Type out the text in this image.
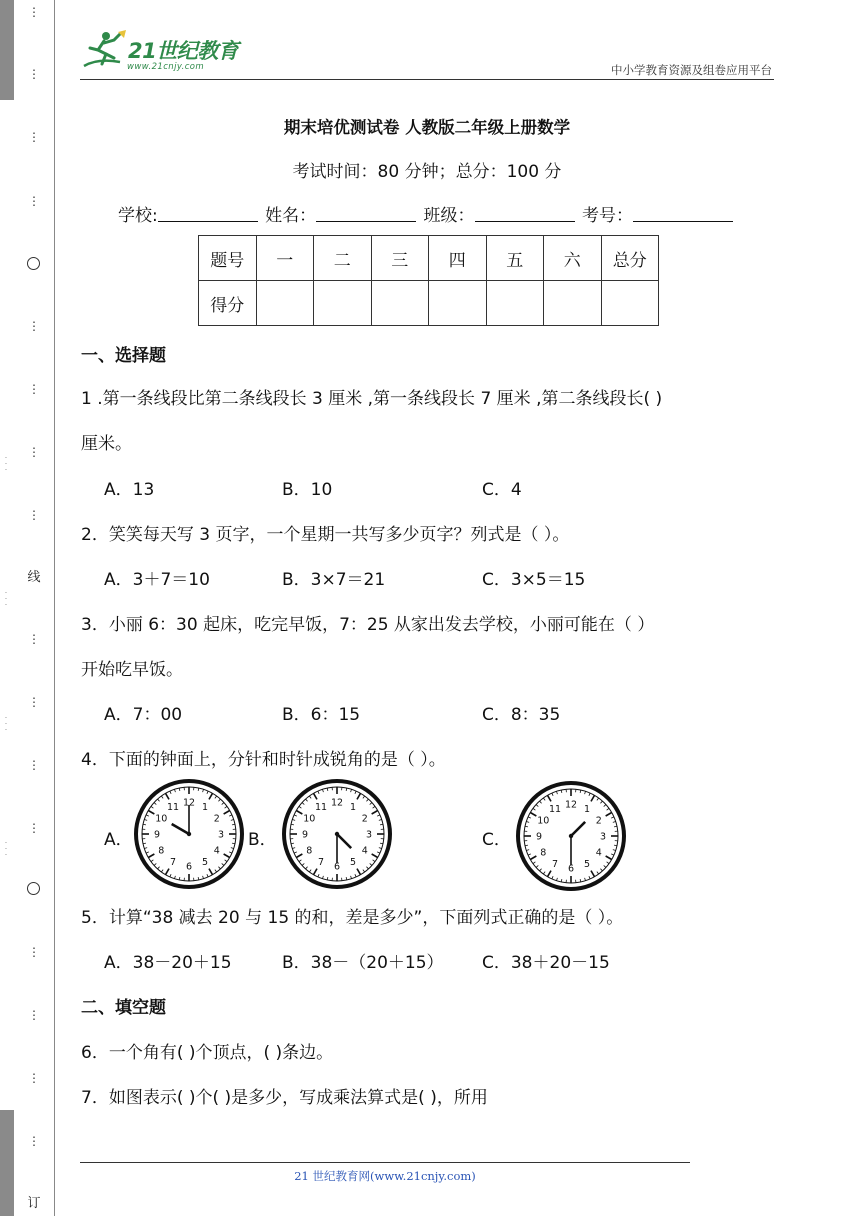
⋮
⋮
⋮
⋮
⋮
⋮
⋮
⋮
线
⋮
⋮
⋮
⋮
⋮
⋮
⋮
⋮
订
·
·
·
·
·
·
·
·
·
·
·
·
21世纪教育
www.21cnjy.com	中小学教育资源及组卷应用平台
期末培优测试卷 人教版二年级上册数学
考试时间：80 分钟；总分：100 分
学校:	姓名：	班级：	考号：
题号	一	二	三	四	五	六	总分
得分							
一、选择题
1 .第一条线段比第二条线段长 3 厘米 ,第一条线段长 7 厘米 ,第二条线段长( )
厘米。
A．13	B．10	C．4
2．笑笑每天写 3 页字，一个星期一共写多少页字？列式是（ ）。
A．3＋7＝10	B．3×7＝21	C．3×5＝15
3．小丽 6：30 起床，吃完早饭，7：25 从家出发去学校，小丽可能在（ ）
开始吃早饭。
A．7：00	B．6：15	C．8：35
4．下面的钟面上，分针和时针成锐角的是（ ）。
A．	B．	C．
1
2
3
4
5
6
7
8
9
10
11 12	1
2
3
4
5
6
7
8
9
10
11 12
1
2
3
4
5
6
7
8
9
10
11 12
5．计算“38 减去 20 与 15 的和，差是多少”，下面列式正确的是（ ）。
A．38－20＋15	B．38－（20＋15） C．38＋20－15
二、填空题
6．一个角有( )个顶点，( )条边。
7．如图表示( )个( )是多少，写成乘法算式是( )，所用
21 世纪教育网(www.21cnjy.com)
